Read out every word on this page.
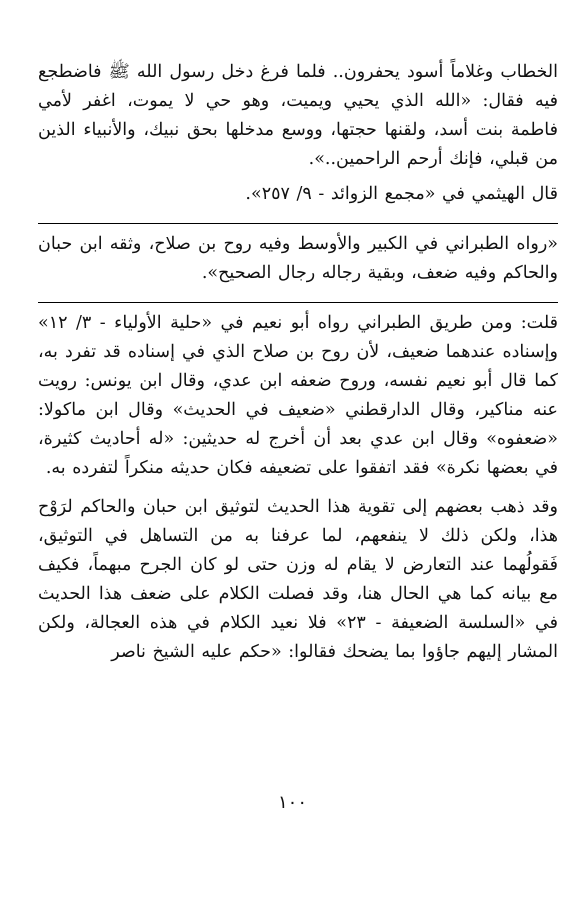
الخطاب وغلاماً أسود يحفرون.. فلما فرغ دخل رسول الله ﷺ فاضطجع فيه فقال: «الله الذي يحيي ويميت، وهو حي لا يموت، اغفر لأمي فاطمة بنت أسد، ولقنها حجتها، ووسع مدخلها بحق نبيك، والأنبياء الذين من قبلي، فإنك أرحم الراحمين..».

قال الهيثمي في «مجمع الزوائد - ٩/ ٢٥٧».

«رواه الطبراني في الكبير والأوسط وفيه روح بن صلاح، وثقه ابن حبان والحاكم وفيه ضعف، وبقية رجاله رجال الصحيح».

قلت: ومن طريق الطبراني رواه أبو نعيم في «حلية الأولياء - ٣/ ١٢» وإسناده عندهما ضعيف، لأن روح بن صلاح الذي في إسناده قد تفرد به، كما قال أبو نعيم نفسه، وروح ضعفه ابن عدي، وقال ابن يونس: رويت عنه مناكير، وقال الدارقطني «ضعيف في الحديث» وقال ابن ماكولا: «ضعفوه» وقال ابن عدي بعد أن أخرج له حديثين: «له أحاديث كثيرة، في بعضها نكرة» فقد اتفقوا على تضعيفه فكان حديثه منكراً لتفرده به.

وقد ذهب بعضهم إلى تقوية هذا الحديث لتوثيق ابن حبان والحاكم لرَوْح هذا، ولكن ذلك لا ينفعهم، لما عرفنا به من التساهل في التوثيق، فَقولُهما عند التعارض لا يقام له وزن حتى لو كان الجرح مبهماً، فكيف مع بيانه كما هي الحال هنا، وقد فصلت الكلام على ضعف هذا الحديث في «السلسة الضعيفة - ٢٣» فلا نعيد الكلام في هذه العجالة، ولكن المشار إليهم جاؤوا بما يضحك فقالوا: «حكم عليه الشيخ ناصر

١٠٠
